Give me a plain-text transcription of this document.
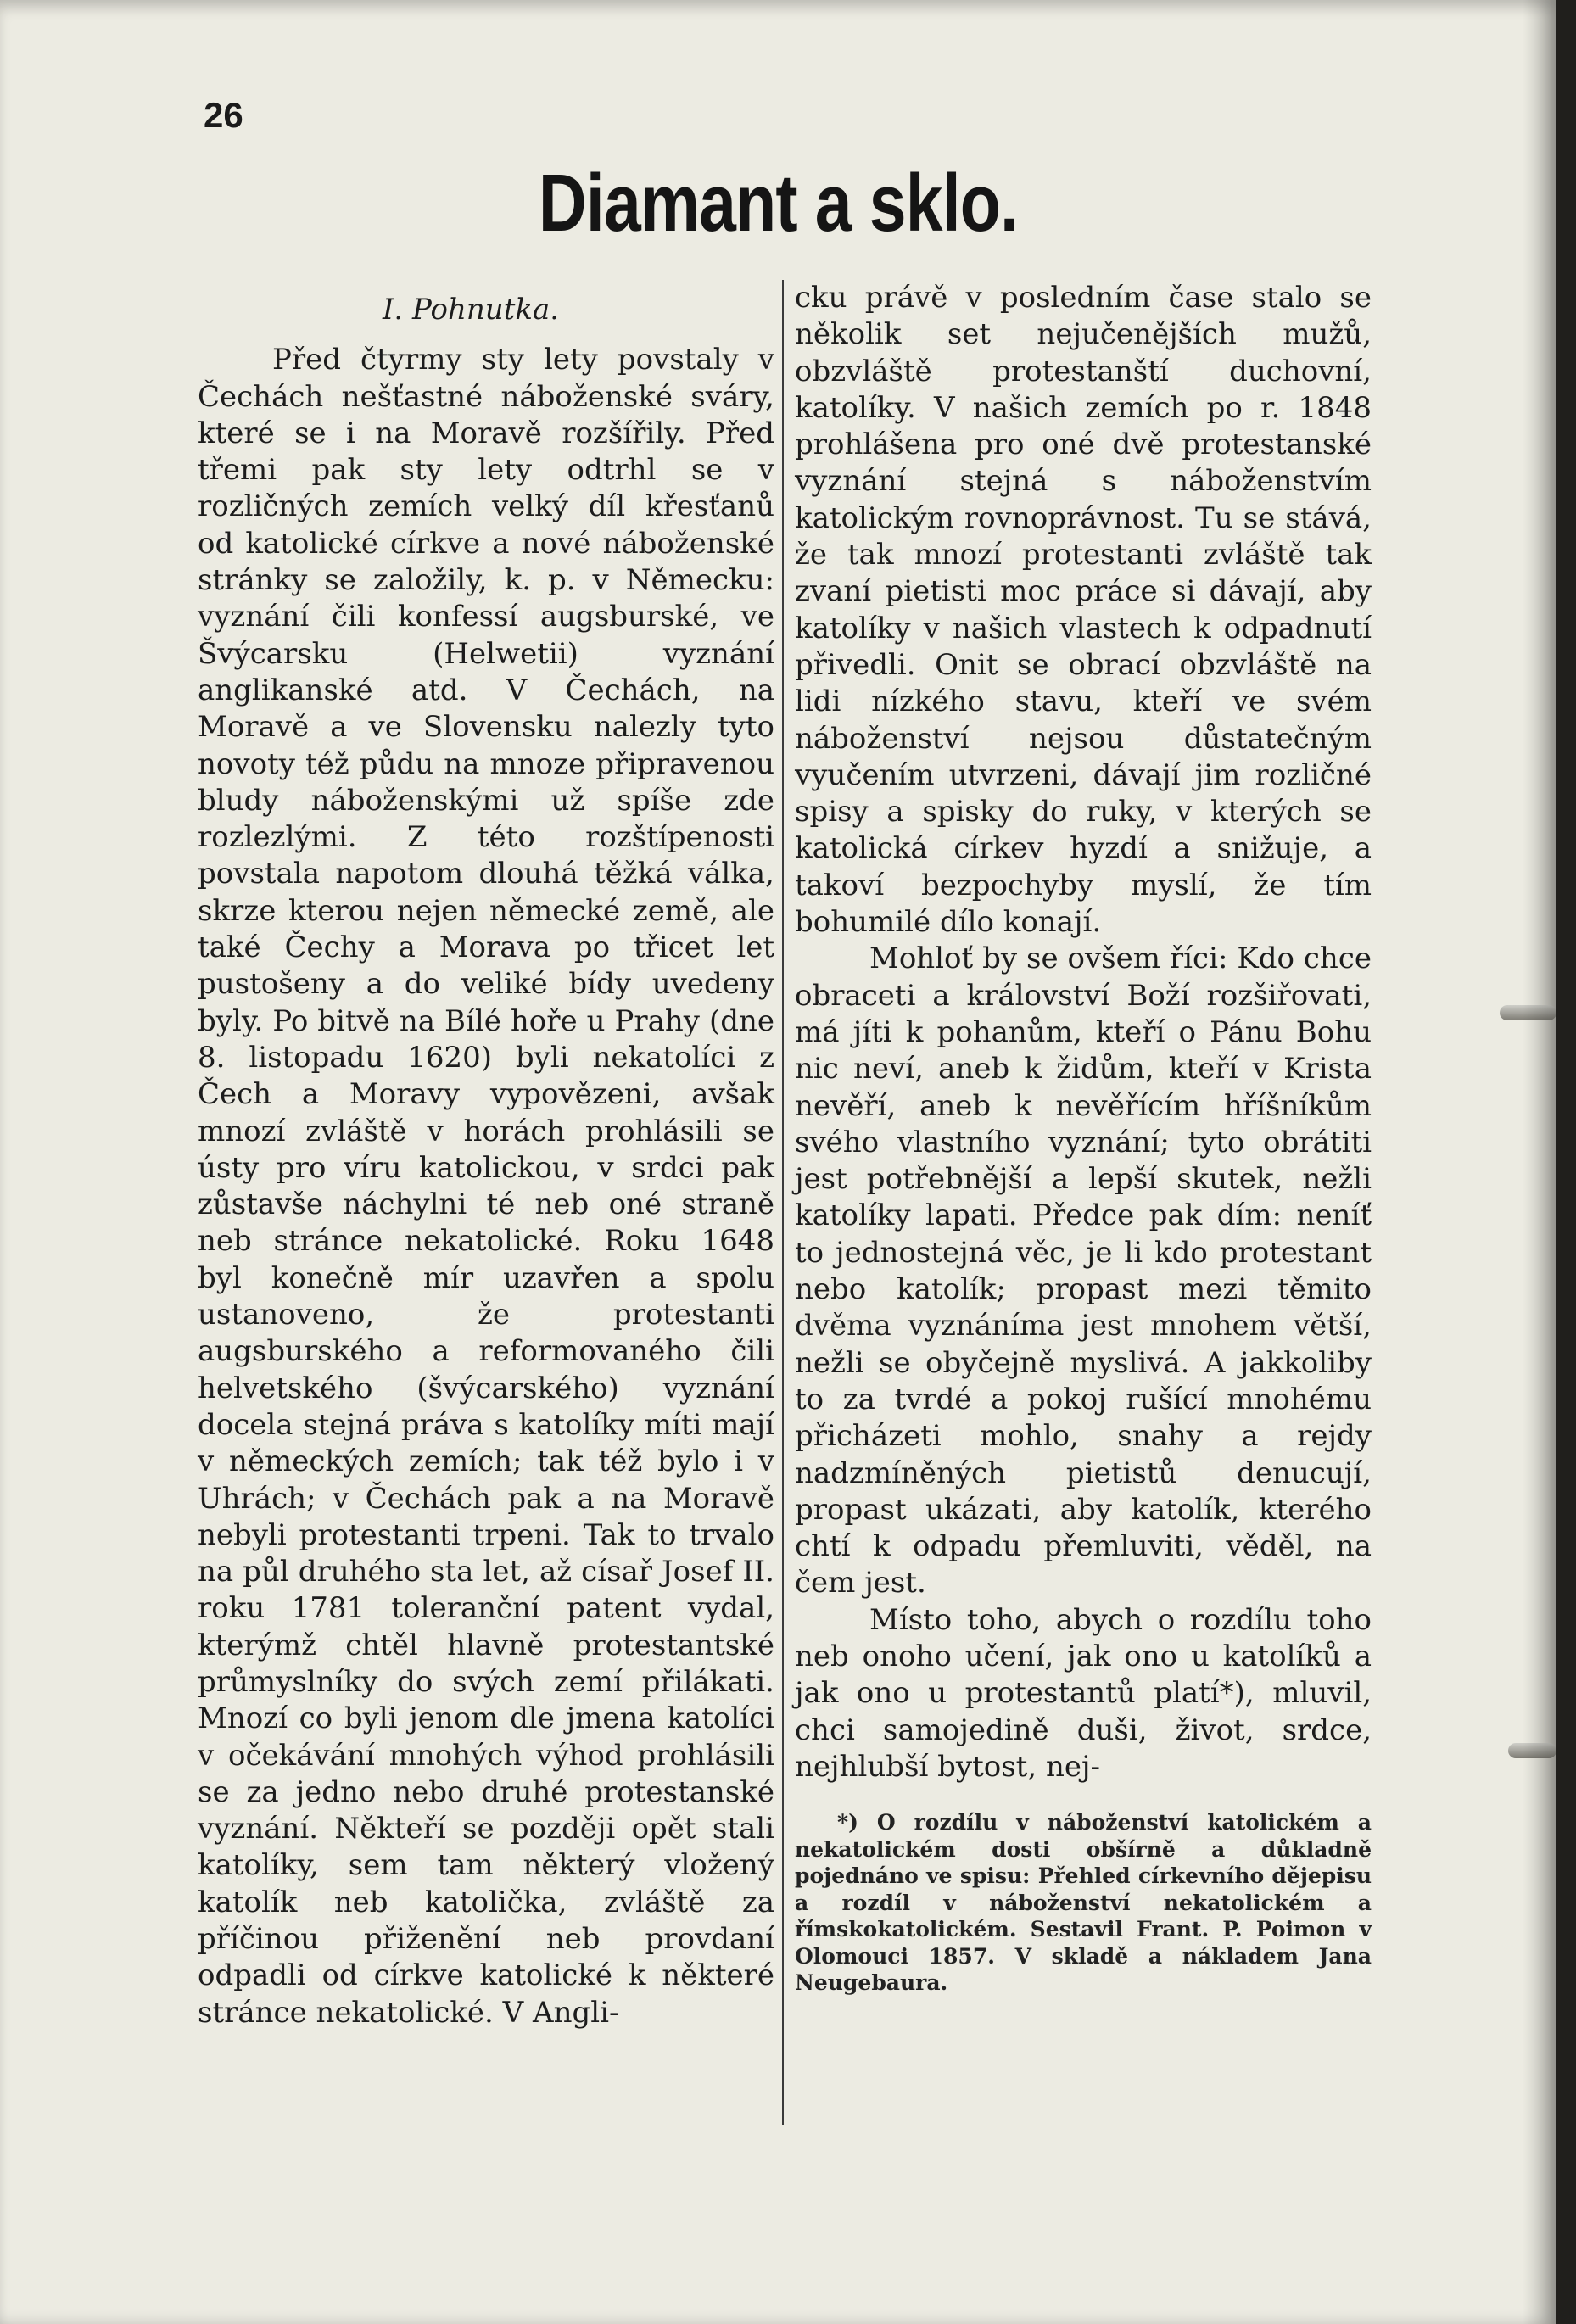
26
Diamant a sklo.
I. Pohnutka.

Před čtyrmy sty lety povstaly v Čechách nešťastné náboženské sváry, které se i na Moravě rozšířily. Před třemi pak sty lety odtrhl se v rozličných zemích velký díl křesťanů od katolické církve a nové náboženské stránky se založily, k. p. v Německu: vyznání čili konfessí augsburské, ve Švýcarsku (Helwetii) vyznání anglikanské atd. V Čechách, na Moravě a ve Slovensku nalezly tyto novoty též půdu na mnoze připravenou bludy náboženskými už spíše zde rozlezlými. Z této rozštípenosti povstala napotom dlouhá těžká válka, skrze kterou nejen německé země, ale také Čechy a Morava po třicet let pustošeny a do veliké bídy uvedeny byly. Po bitvě na Bílé hoře u Prahy (dne 8. listopadu 1620) byli nekatolíci z Čech a Moravy vypovězeni, avšak mnozí zvláště v horách prohlásili se ústy pro víru katolickou, v srdci pak zůstavše náchylni té neb oné straně neb stránce nekatolické. Roku 1648 byl konečně mír uzavřen a spolu ustanoveno, že protestanti augsburského a reformovaného čili helvetského (švýcarského) vyznání docela stejná práva s katolíky míti mají v německých zemích; tak též bylo i v Uhrách; v Čechách pak a na Moravě nebyli protestanti trpeni. Tak to trvalo na půl druhého sta let, až císař Josef II. roku 1781 toleranční patent vydal, kterýmž chtěl hlavně protestantské průmyslníky do svých zemí přilákati. Mnozí co byli jenom dle jmena katolíci v očekávání mnohých výhod prohlásili se za jedno nebo druhé protestanské vyznání. Někteří se později opět stali katolíky, sem tam některý vložený katolík neb katolička, zvláště za příčinou přiženění neb provdaní odpadli od církve katolické k některé stránce nekatolické. V Angli-

cku právě v posledním čase stalo se několik set nejučenějších mužů, obzvláště protestanští duchovní, katolíky. V našich zemích po r. 1848 prohlášena pro oné dvě protestanské vyznání stejná s náboženstvím katolickým rovnoprávnost. Tu se stává, že tak mnozí protestanti zvláště tak zvaní pietisti moc práce si dávají, aby katolíky v našich vlastech k odpadnutí přivedli. Onit se obrací obzvláště na lidi nízkého stavu, kteří ve svém náboženství nejsou důstatečným vyučením utvrzeni, dávají jim rozličné spisy a spisky do ruky, v kterých se katolická církev hyzdí a snižuje, a takoví bezpochyby myslí, že tím bohumilé dílo konají.

Mohloť by se ovšem říci: Kdo chce obraceti a království Boží rozšiřovati, má jíti k pohanům, kteří o Pánu Bohu nic neví, aneb k židům, kteří v Krista nevěří, aneb k nevěřícím hříšníkům svého vlastního vyznání; tyto obrátiti jest potřebnější a lepší skutek, nežli katolíky lapati. Předce pak dím: neníť to jednostejná věc, je li kdo protestant nebo katolík; propast mezi těmito dvěma vyznáníma jest mnohem větší, nežli se obyčejně myslivá. A jakkoliby to za tvrdé a pokoj rušící mnohému přicházeti mohlo, snahy a rejdy nadzmíněných pietistů denucují, propast ukázati, aby katolík, kterého chtí k odpadu přemluviti, věděl, na čem jest.

Místo toho, abych o rozdílu toho neb onoho učení, jak ono u katolíků a jak ono u protestantů platí*), mluvil, chci samojedině duši, život, srdce, nejhlubší bytost, nej-

*) O rozdílu v náboženství katolickém a nekatolickém dosti obšírně a důkladně pojednáno ve spisu: Přehled církevního dějepisu a rozdíl v náboženství nekatolickém a římskokatolickém. Sestavil Frant. P. Poimon v Olomouci 1857. V skladě a nákladem Jana Neugebaura.
